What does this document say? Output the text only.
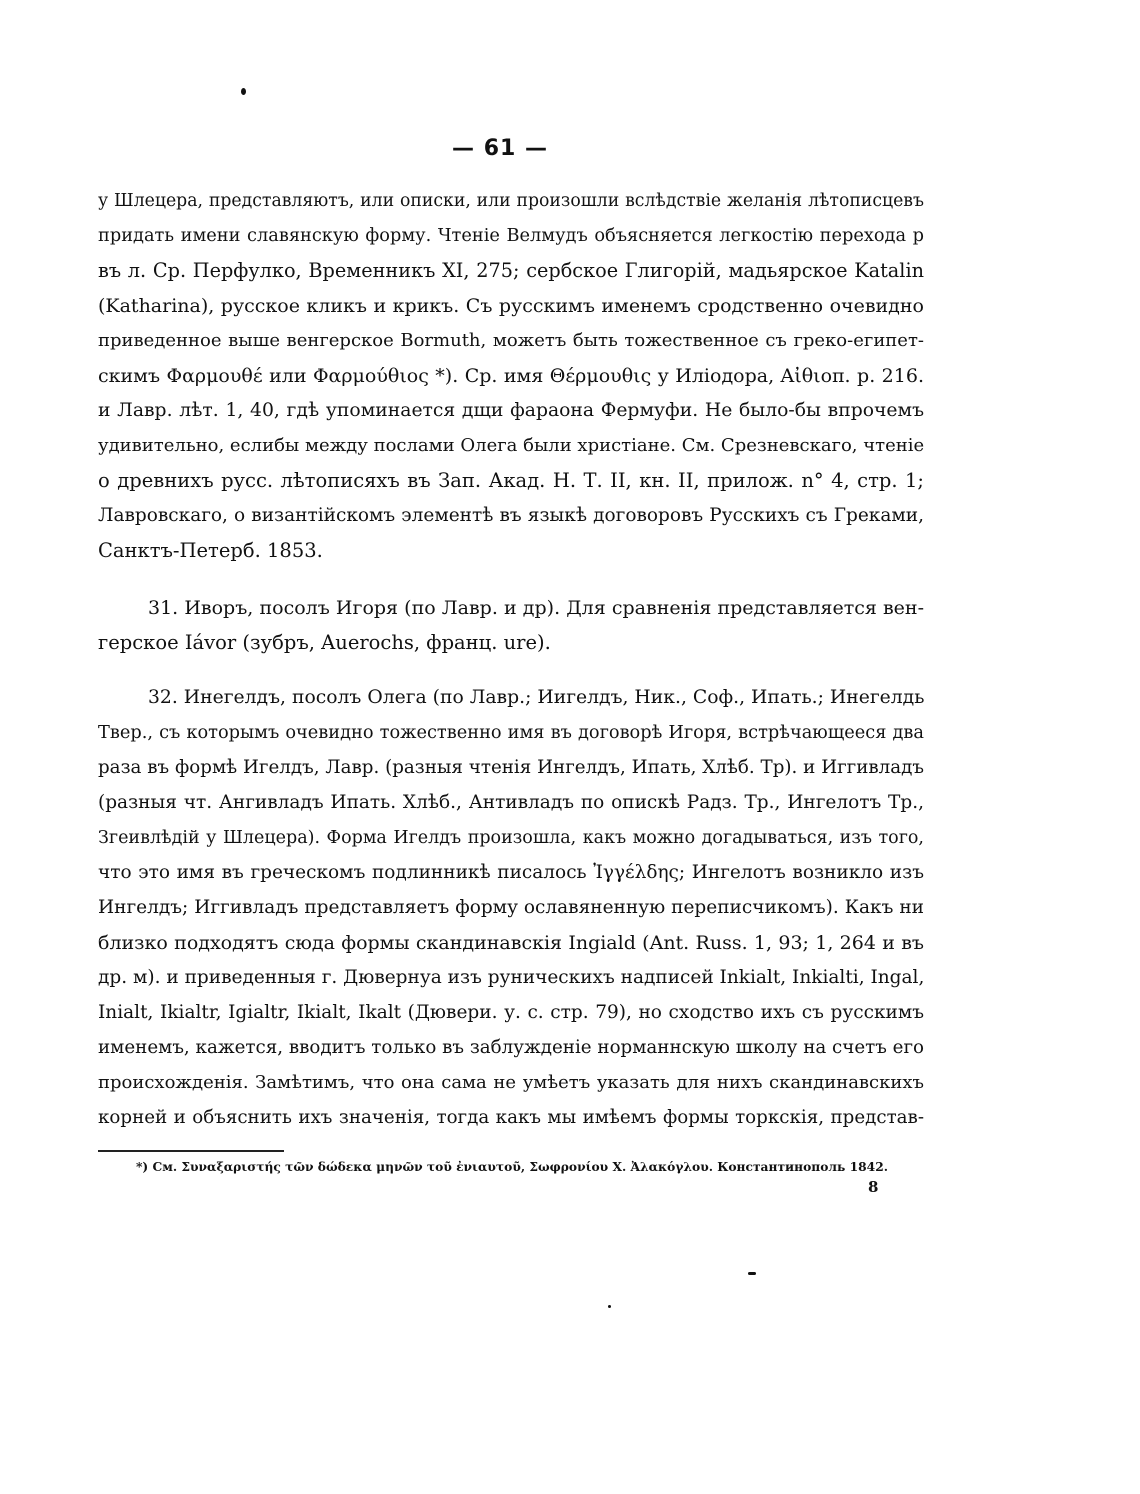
— 61 —
у Шлецера, представляютъ, или описки, или произошли вслѣдствіе желанія лѣтописцевъ
придать имени славянскую форму. Чтеніе Велмудъ объясняется легкостію перехода р
въ л. Ср. Перфулко, Временникъ XI, 275; сербское Глигорій, мадьярское Katalin
(Katharina), русское кликъ и крикъ. Съ русскимъ именемъ сродственно очевидно
приведенное выше венгерское Bormuth, можетъ быть тожественное съ греко-египет-
скимъ Φαρμουθέ или Φαρμούθιος *). Ср. имя Θέρμουθις у Иліодора, Αἰθιοπ. р. 216.
и Лавр. лѣт. 1, 40, гдѣ упоминается дщи фараона Фермуфи. Не было-бы впрочемъ
удивительно, еслибы между послами Олега были христіане. См. Срезневскаго, чтеніе
о древнихъ русс. лѣтописяхъ въ Зап. Акад. Н. Т. II, кн. II, прилож. n° 4, стр. 1;
Лавровскаго, о византійскомъ элементѣ въ языкѣ договоровъ Русскихъ съ Греками,
Санктъ-Петерб. 1853.
31. Иворъ, посолъ Игоря (по Лавр. и др). Для сравненія представляется вен-
герское Iávor (зубръ, Auerochs, франц. ure).
32. Инегелдъ, посолъ Олега (по Лавр.; Иигелдъ, Ник., Соф., Ипать.; Инегелдь
Твер., съ которымъ очевидно тожественно имя въ договорѣ Игоря, встрѣчающееся два
раза въ формѣ Игелдъ, Лавр. (разныя чтенія Ингелдъ, Ипать, Хлѣб. Тр). и Иггивладъ
(разныя чт. Ангивладъ Ипать. Хлѣб., Антивладъ по опискѣ Радз. Тр., Ингелотъ Тр.,
Згеивлѣдій у Шлецера). Форма Игелдъ произошла, какъ можно догадываться, изъ того,
что это имя въ греческомъ подлинникѣ писалось Ἰγγέλδης; Ингелотъ возникло изъ
Ингелдъ; Иггивладъ представляетъ форму ославяненную переписчикомъ). Какъ ни
близко подходятъ сюда формы скандинавскія Ingiald (Ant. Russ. 1, 93; 1, 264 и въ
др. м). и приведенныя г. Дювернуа изъ руническихъ надписей Inkialt, Inkialti, Ingal,
Inialt, Ikialtr, Igialtr, Ikialt, Ikalt (Дювери. у. с. стр. 79), но сходство ихъ съ русскимъ
именемъ, кажется, вводитъ только въ заблужденіе норманнскую школу на счетъ его
происхожденія. Замѣтимъ, что она сама не умѣетъ указать для нихъ скандинавскихъ
корней и объяснить ихъ значенія, тогда какъ мы имѣемъ формы торкскія, представ-
*) См. Συναξαριστής τῶν δώδεκα μηνῶν τοῦ ἐνιαυτοῦ, Σωφρονίου Χ. Ἀλακόγλου. Константинополь 1842.
8
